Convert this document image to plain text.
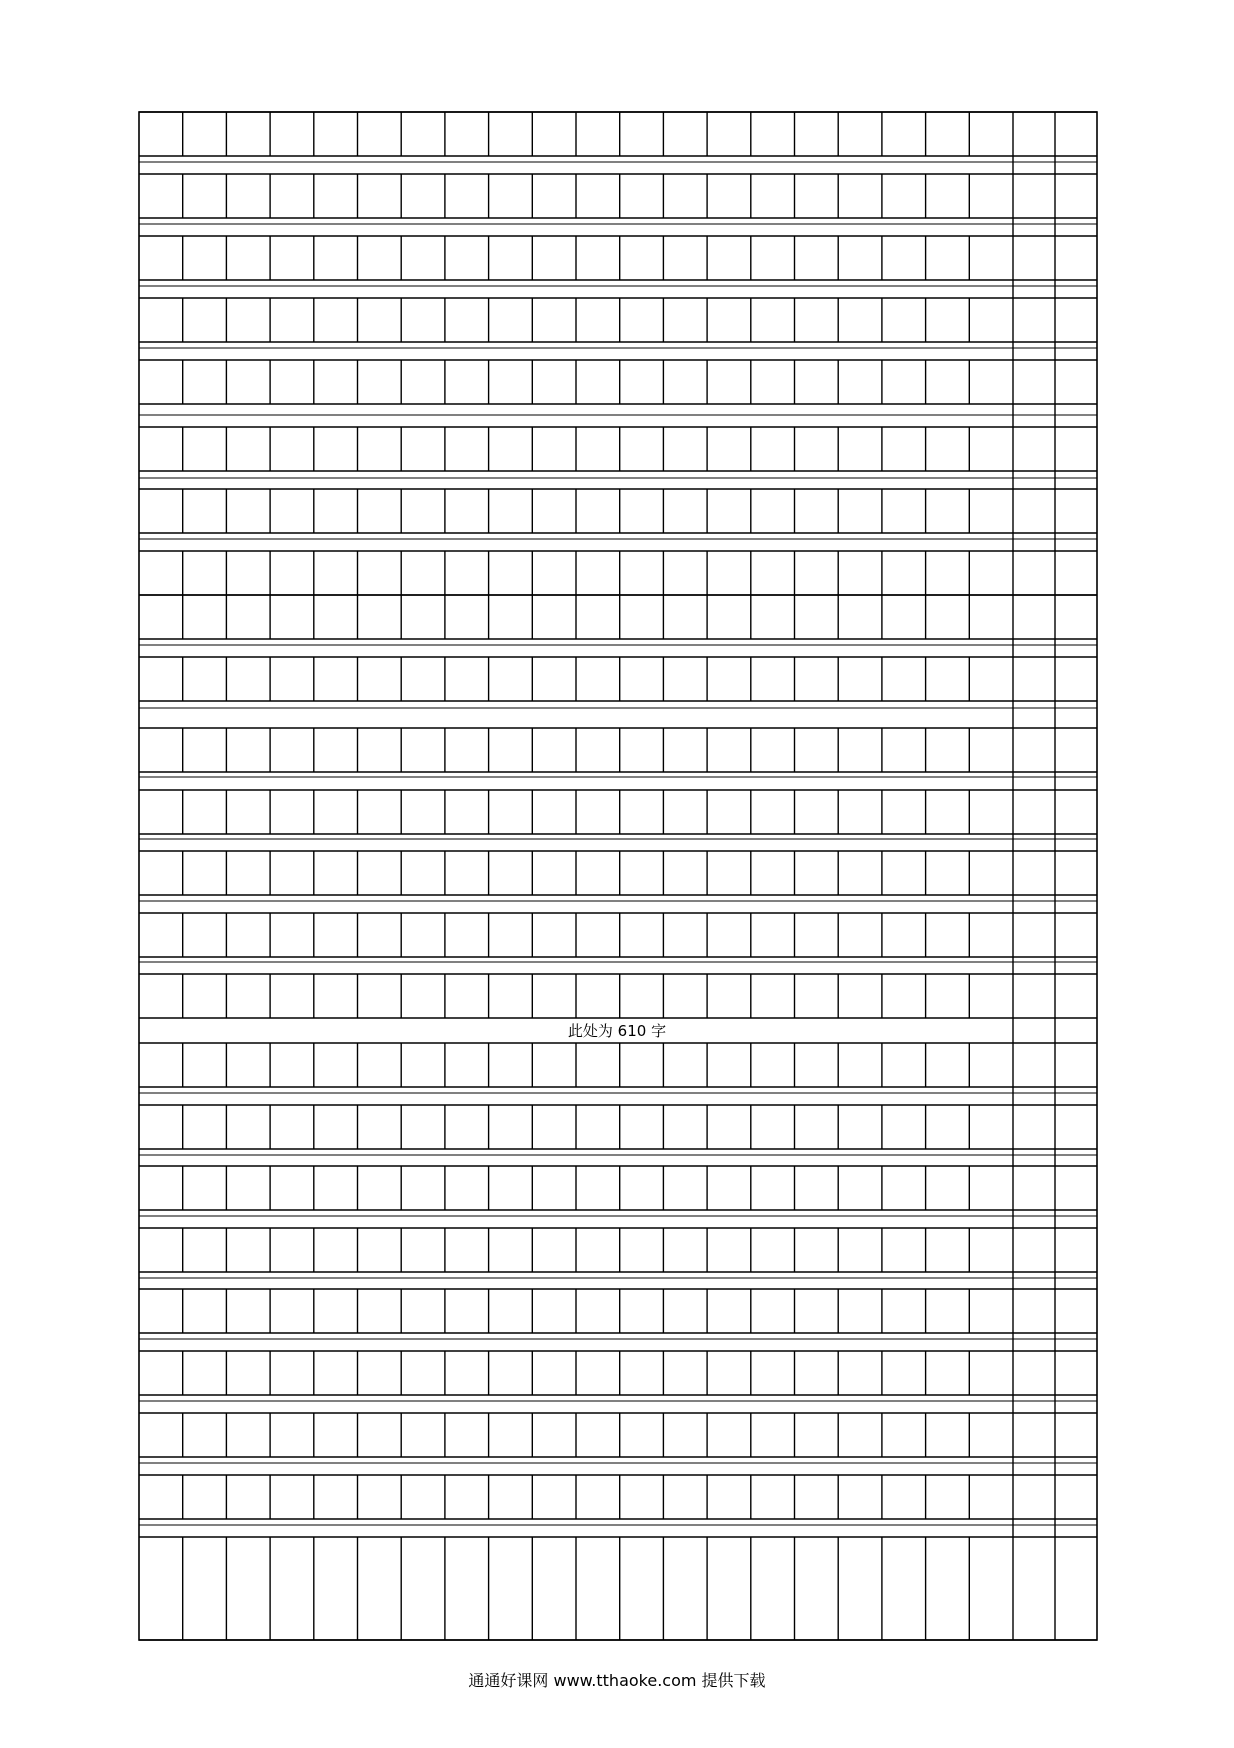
此处为 610 字
通通好课网 www.tthaoke.com 提供下载
